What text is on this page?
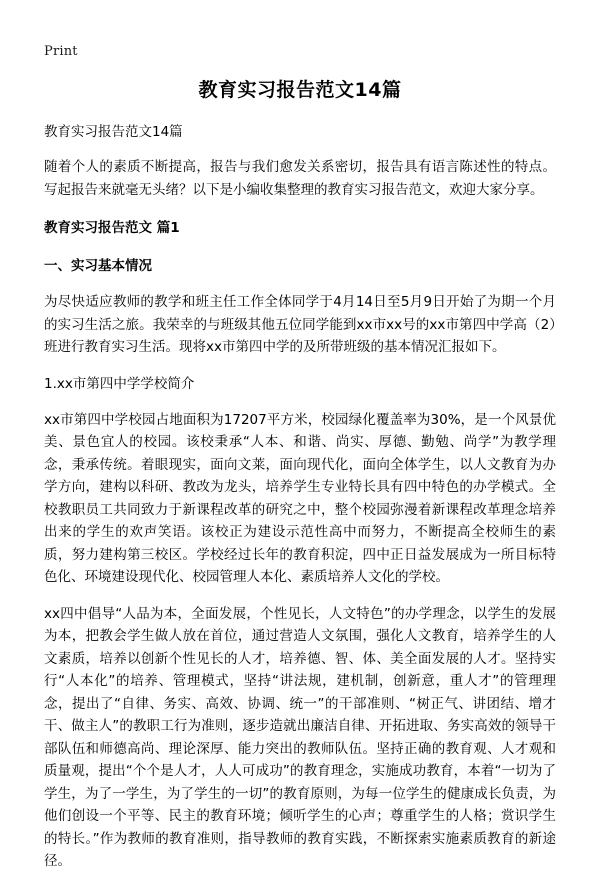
Print
教育实习报告范文14篇

教育实习报告范文14篇

随着个人的素质不断提高，报告与我们愈发关系密切，报告具有语言陈述性的特点。写起报告来就毫无头绪？以下是小编收集整理的教育实习报告范文，欢迎大家分享。

教育实习报告范文 篇1
一、实习基本情况

为尽快适应教师的教学和班主任工作全体同学于4月14日至5月9日开始了为期一个月的实习生活之旅。我荣幸的与班级其他五位同学能到xx市xx号的xx市第四中学高（2）班进行教育实习生活。现将xx市第四中学的及所带班级的基本情况汇报如下。

1.xx市第四中学学校简介

xx市第四中学校园占地面积为17207平方米，校园绿化覆盖率为30%，是一个风景优美、景色宜人的校园。该校秉承“人本、和谐、尚实、厚德、勤勉、尚学”为教学理念，秉承传统。着眼现实，面向文莱，面向现代化，面向全体学生，以人文教育为办学方向，建构以科研、教改为龙头，培养学生专业特长具有四中特色的办学模式。全校教职员工共同致力于新课程改革的研究之中，整个校园弥漫着新课程改革理念培养出来的学生的欢声笑语。该校正为建设示范性高中而努力，不断提高全校师生的素质，努力建构第三校区。学校经过长年的教育积淀，四中正日益发展成为一所目标特色化、环境建设现代化、校园管理人本化、素质培养人文化的学校。

xx四中倡导“人品为本，全面发展，个性见长，人文特色”的办学理念，以学生的发展为本，把教会学生做人放在首位，通过营造人文氛围，强化人文教育，培养学生的人文素质，培养以创新个性见长的人才，培养德、智、体、美全面发展的人才。坚持实行“人本化”的培养、管理模式，坚持“讲法规，建机制，创新意，重人才”的管理理念，提出了“自律、务实、高效、协调、统一”的干部准则、“树正气、讲团结、增才干、做主人”的教职工行为准则，逐步造就出廉洁自律、开拓进取、务实高效的领导干部队伍和师德高尚、理论深厚、能力突出的教师队伍。坚持正确的教育观、人才观和质量观，提出“个个是人才，人人可成功”的教育理念，实施成功教育，本着“一切为了学生，为了一学生，为了学生的一切”的教育原则，为每一位学生的健康成长负责，为他们创设一个平等、民主的教育环境；倾听学生的心声；尊重学生的人格；赏识学生的特长。”作为教师的教育准则，指导教师的教育实践，不断探索实施素质教育的新途径。
